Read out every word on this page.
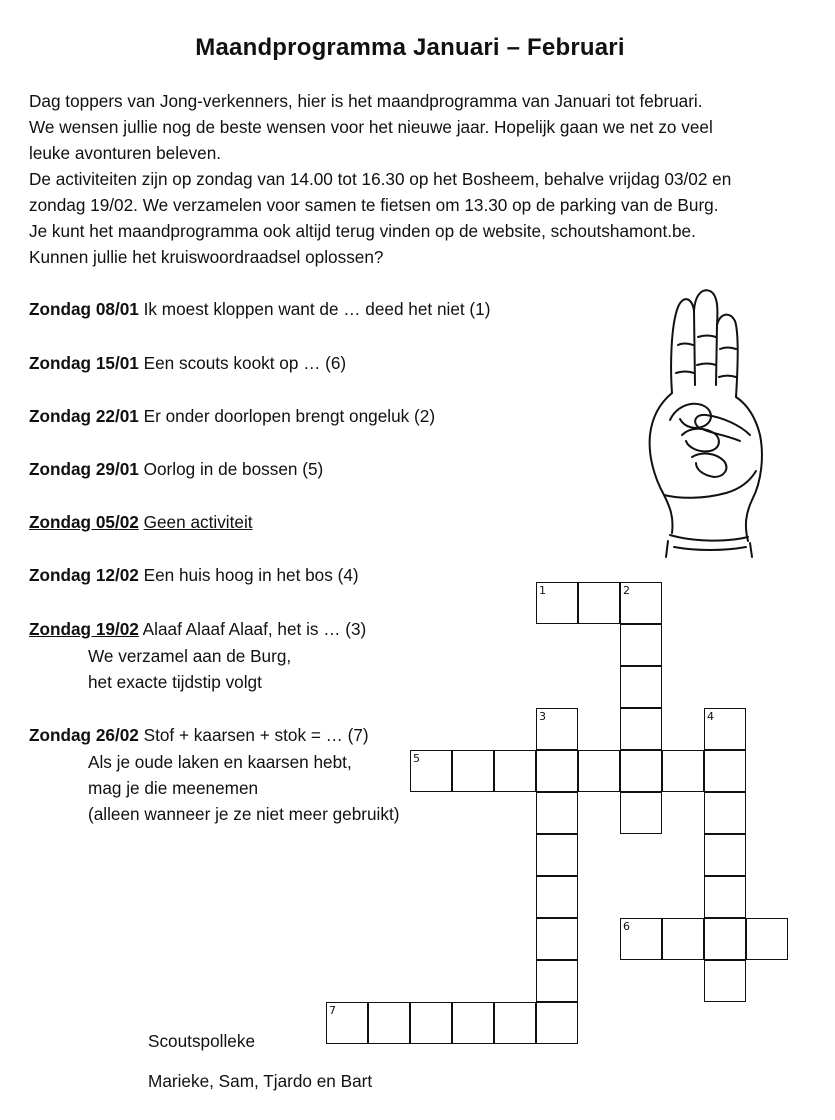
Maandprogramma Januari – Februari
Dag toppers van Jong-verkenners, hier is het maandprogramma van Januari tot februari.
We wensen jullie nog de beste wensen voor het nieuwe jaar. Hopelijk gaan we net zo veel
leuke avonturen beleven.
De activiteiten zijn op zondag van 14.00 tot 16.30 op het Bosheem, behalve vrijdag 03/02 en
zondag 19/02. We verzamelen voor samen te fietsen om 13.30 op de parking van de Burg.
Je kunt het maandprogramma ook altijd terug vinden op de website, schoutshamont.be.
Kunnen jullie het kruiswoordraadsel oplossen?
Zondag 08/01 Ik moest kloppen want de … deed het niet (1)
Zondag 15/01 Een scouts kookt op … (6)
Zondag 22/01 Er onder doorlopen brengt ongeluk (2)
Zondag 29/01 Oorlog in de bossen (5)
Zondag 05/02 Geen activiteit
Zondag 12/02 Een huis hoog in het bos (4)
Zondag 19/02 Alaaf Alaaf Alaaf, het is … (3)
We verzamel aan de Burg,
het exacte tijdstip volgt
Zondag 26/02 Stof + kaarsen + stok = … (7)
Als je oude laken en kaarsen hebt,
mag je die meenemen
(alleen wanneer je ze niet meer gebruikt)
Scoutspolleke
Marieke, Sam, Tjardo en Bart
1	2
3	4
5
6
7
